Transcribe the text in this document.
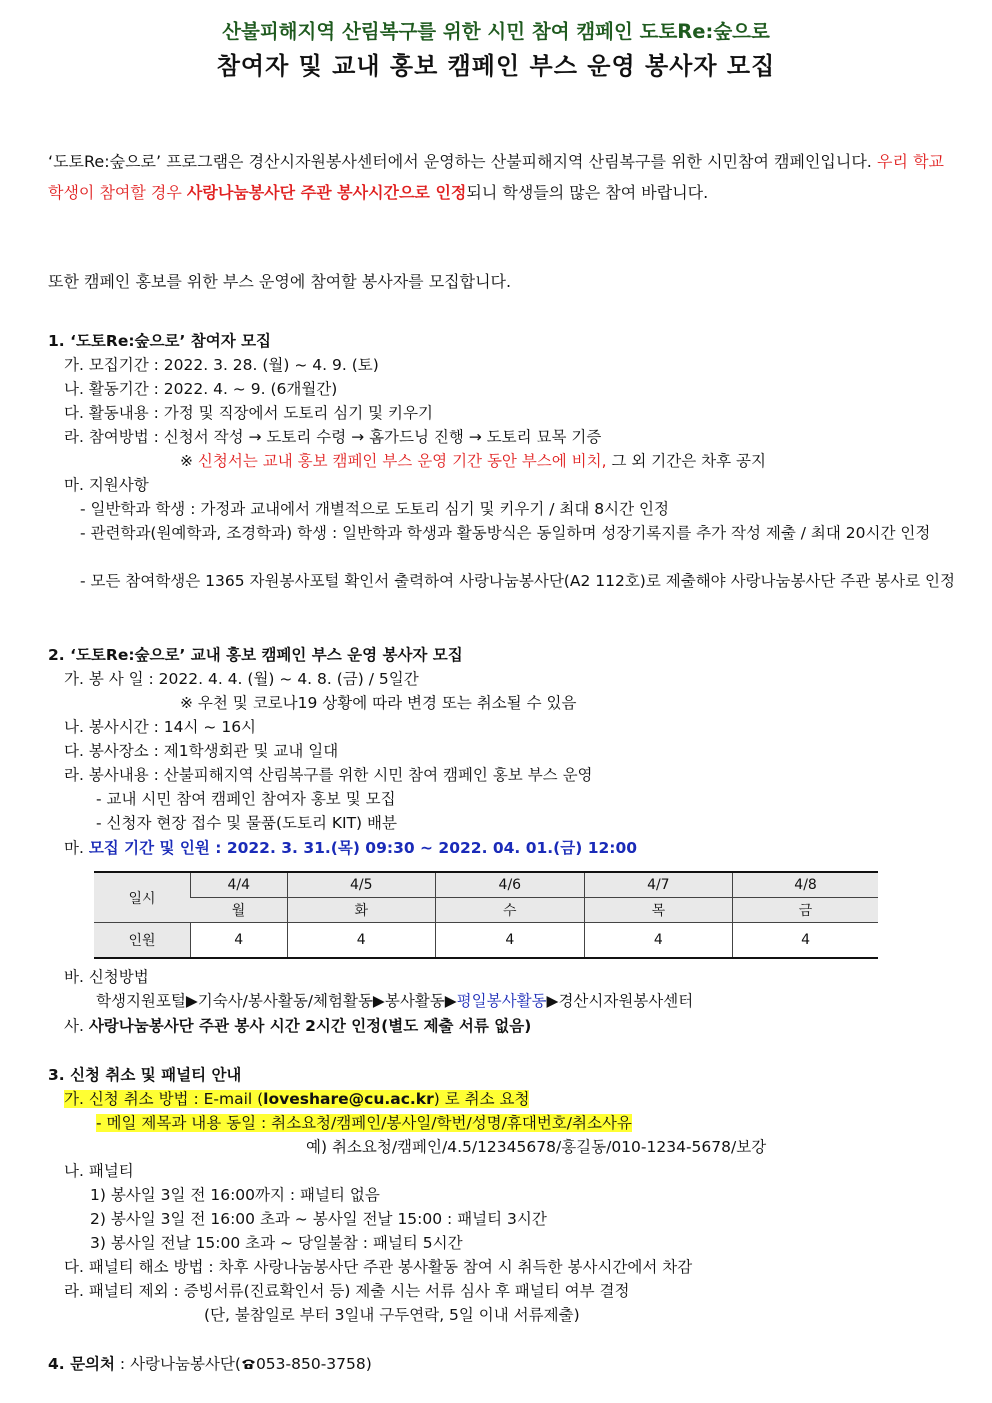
산불피해지역 산림복구를 위한 시민 참여 캠페인 도토Re:숲으로
참여자 및 교내 홍보 캠페인 부스 운영 봉사자 모집
‘도토Re:숲으로’ 프로그램은 경산시자원봉사센터에서 운영하는 산불피해지역 산림복구를 위한 시민참여 캠페인입니다. 우리 학교 학생이 참여할 경우 사랑나눔봉사단 주관 봉사시간으로 인정되니 학생들의 많은 참여 바랍니다.
또한 캠페인 홍보를 위한 부스 운영에 참여할 봉사자를 모집합니다.
1. ‘도토Re:숲으로’ 참여자 모집
가. 모집기간 : 2022. 3. 28. (월) ~ 4. 9. (토)
나. 활동기간 : 2022. 4. ~ 9. (6개월간)
다. 활동내용 : 가정 및 직장에서 도토리 심기 및 키우기
라. 참여방법 : 신청서 작성 → 도토리 수령 → 홈가드닝 진행 → 도토리 묘목 기증
※ 신청서는 교내 홍보 캠페인 부스 운영 기간 동안 부스에 비치, 그 외 기간은 차후 공지
마. 지원사항
- 일반학과 학생 : 가정과 교내에서 개별적으로 도토리 심기 및 키우기 / 최대 8시간 인정
- 관련학과(원예학과, 조경학과) 학생 : 일반학과 학생과 활동방식은 동일하며 성장기록지를 추가 작성 제출 / 최대 20시간 인정
- 모든 참여학생은 1365 자원봉사포털 확인서 출력하여 사랑나눔봉사단(A2 112호)로 제출해야 사랑나눔봉사단 주관 봉사로 인정
2. ‘도토Re:숲으로’ 교내 홍보 캠페인 부스 운영 봉사자 모집
가. 봉 사 일 : 2022. 4. 4. (월) ~ 4. 8. (금) / 5일간
※ 우천 및 코로나19 상황에 따라 변경 또는 취소될 수 있음
나. 봉사시간 : 14시 ~ 16시
다. 봉사장소 : 제1학생회관 및 교내 일대
라. 봉사내용 : 산불피해지역 산림복구를 위한 시민 참여 캠페인 홍보 부스 운영
- 교내 시민 참여 캠페인 참여자 홍보 및 모집
- 신청자 현장 접수 및 물품(도토리 KIT) 배분
마. 모집 기간 및 인원 : 2022. 3. 31.(목) 09:30 ~ 2022. 04. 01.(금) 12:00
일시	4/4	4/5	4/6	4/7	4/8
	월	화	수	목	금
인원	4	4	4	4	4
바. 신청방법
학생지원포털▶기숙사/봉사활동/체험활동▶봉사활동▶평일봉사활동▶경산시자원봉사센터
사. 사랑나눔봉사단 주관 봉사 시간 2시간 인정(별도 제출 서류 없음)
3. 신청 취소 및 패널티 안내
가. 신청 취소 방법 : E-mail (loveshare@cu.ac.kr) 로 취소 요청
- 메일 제목과 내용 동일 : 취소요청/캠페인/봉사일/학번/성명/휴대번호/취소사유
예) 취소요청/캠페인/4.5/12345678/홍길동/010-1234-5678/보강
나. 패널티
1) 봉사일 3일 전 16:00까지 : 패널티 없음
2) 봉사일 3일 전 16:00 초과 ~ 봉사일 전날 15:00 : 패널티 3시간
3) 봉사일 전날 15:00 초과 ~ 당일불참 : 패널티 5시간
다. 패널티 해소 방법 : 차후 사랑나눔봉사단 주관 봉사활동 참여 시 취득한 봉사시간에서 차감
라. 패널티 제외 : 증빙서류(진료확인서 등) 제출 시는 서류 심사 후 패널티 여부 결정
(단, 불참일로 부터 3일내 구두연락, 5일 이내 서류제출)
4. 문의처 : 사랑나눔봉사단( 053-850-3758)
